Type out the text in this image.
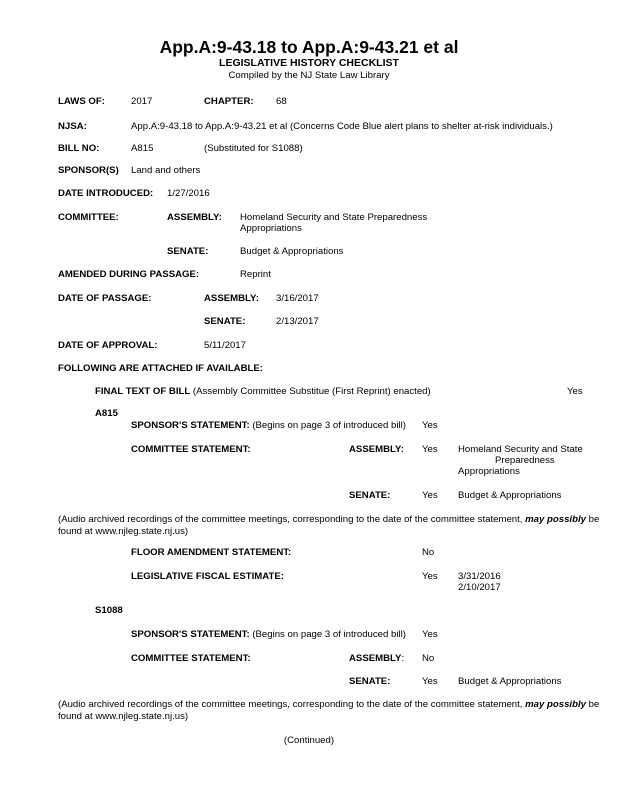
App.A:9-43.18 to App.A:9-43.21 et al
LEGISLATIVE HISTORY CHECKLIST
Compiled by the NJ State Law Library
LAWS OF:	2017	CHAPTER: 68
NJSA:	App.A:9-43.18 to App.A:9-43.21 et al (Concerns Code Blue alert plans to shelter at-risk individuals.)
BILL NO:	A815	(Substituted for S1088)
SPONSOR(S) Land and others
DATE INTRODUCED: 1/27/2016
COMMITTEE:	ASSEMBLY: Homeland Security and State Preparedness
Appropriations
SENATE:	Budget & Appropriations
AMENDED DURING PASSAGE:	Reprint
DATE OF PASSAGE:	ASSEMBLY: 3/16/2017
SENATE:	2/13/2017
DATE OF APPROVAL:	5/11/2017
FOLLOWING ARE ATTACHED IF AVAILABLE:
FINAL TEXT OF BILL (Assembly Committee Substitue (First Reprint) enacted)	Yes
A815
SPONSOR'S STATEMENT: (Begins on page 3 of introduced bill) Yes
COMMITTEE STATEMENT:	ASSEMBLY: Yes Homeland Security and State
Preparedness
Appropriations
SENATE:	Yes Budget & Appropriations
(Audio archived recordings of the committee meetings, corresponding to the date of the committee statement, may possibly be found at www.njleg.state.nj.us)
FLOOR AMENDMENT STATEMENT:	No
LEGISLATIVE FISCAL ESTIMATE:	Yes 3/31/2016
2/10/2017
S1088
SPONSOR'S STATEMENT: (Begins on page 3 of introduced bill) Yes
COMMITTEE STATEMENT:	ASSEMBLY: No
SENATE:	Yes Budget & Appropriations
(Audio archived recordings of the committee meetings, corresponding to the date of the committee statement, may possibly be found at www.njleg.state.nj.us)
(Continued)
